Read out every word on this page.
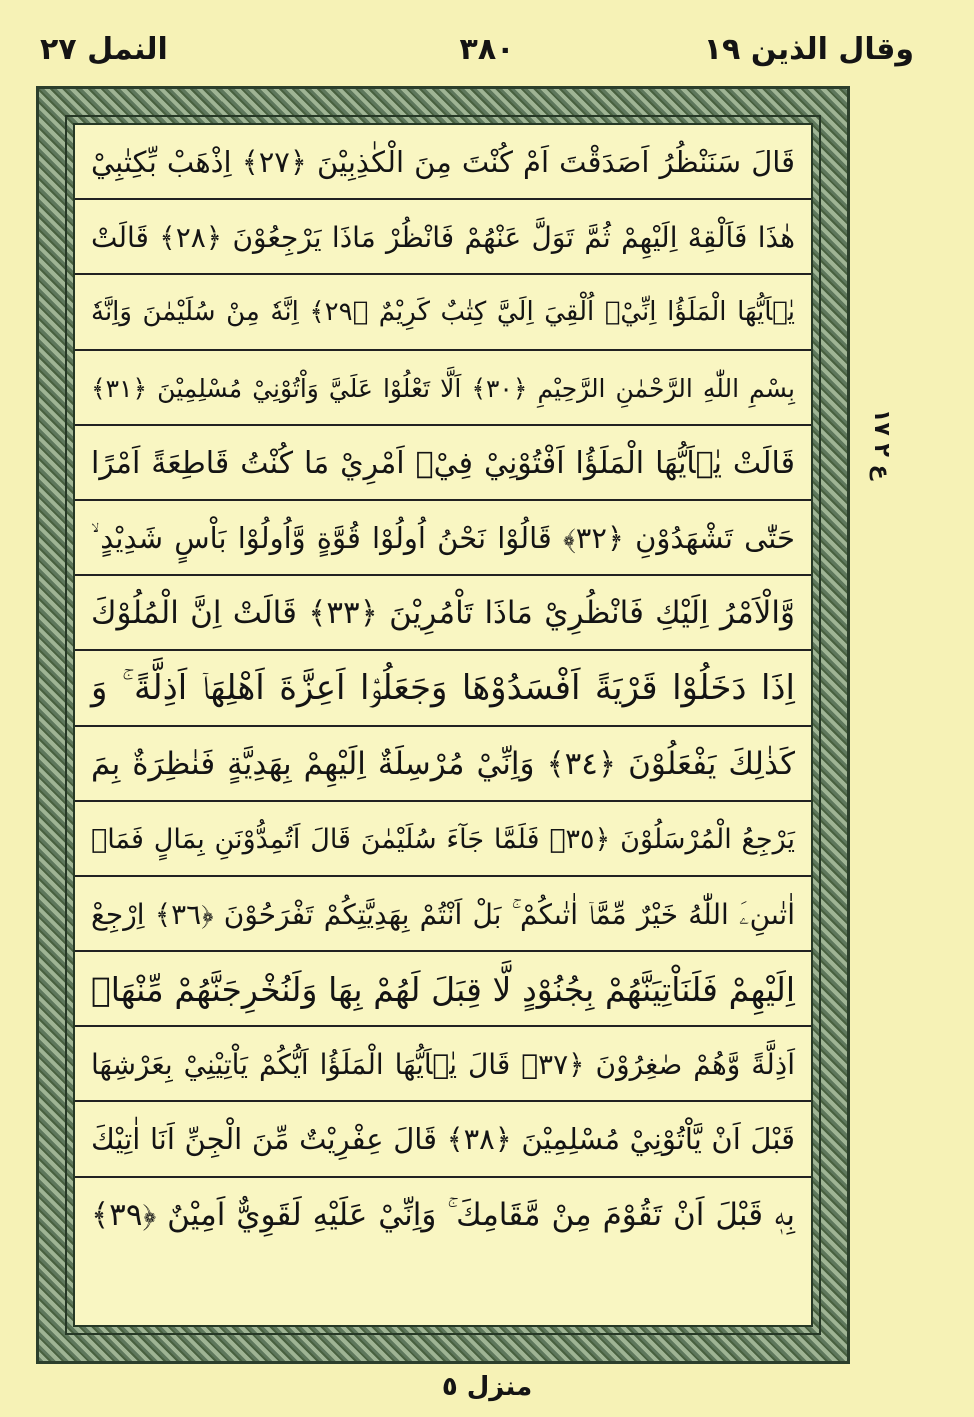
وقال الذين ١٩
٣٨٠
النمل ٢٧
قَالَ سَنَنْظُرُ اَصَدَقْتَ اَمْ كُنْتَ مِنَ الْكٰذِبِيْنَ ﴿٢٧﴾ اِذْهَبْ بِّكِتٰبِيْ
هٰذَا فَاَلْقِهْ اِلَيْهِمْ ثُمَّ تَوَلَّ عَنْهُمْ فَانْظُرْ مَاذَا يَرْجِعُوْنَ ﴿٢٨﴾ قَالَتْ
يٰۤاَيُّهَا الْمَلَؤُا اِنِّيْۤ اُلْقِيَ اِلَيَّ كِتٰبٌ كَرِيْمٌ ﴿٢٩﴾ اِنَّهٗ مِنْ سُلَيْمٰنَ وَاِنَّهٗ
بِسْمِ اللّٰهِ الرَّحْمٰنِ الرَّحِيْمِ ﴿٣٠﴾ اَلَّا تَعْلُوْا عَلَيَّ وَاْتُوْنِيْ مُسْلِمِيْنَ ﴿٣١﴾
قَالَتْ يٰۤاَيُّهَا الْمَلَؤُا اَفْتُوْنِيْ فِيْۤ اَمْرِيْ مَا كُنْتُ قَاطِعَةً اَمْرًا
حَتّٰى تَشْهَدُوْنِ ﴿٣٢﴾ قَالُوْا نَحْنُ اُولُوْا قُوَّةٍ وَّاُولُوْا بَاْسٍ شَدِيْدٍ ۙ
وَّالْاَمْرُ اِلَيْكِ فَانْظُرِيْ مَاذَا تَاْمُرِيْنَ ﴿٣٣﴾ قَالَتْ اِنَّ الْمُلُوْكَ
اِذَا دَخَلُوْا قَرْيَةً اَفْسَدُوْهَا وَجَعَلُوْۤا اَعِزَّةَ اَهْلِهَاۤ اَذِلَّةً ۚ وَ
كَذٰلِكَ يَفْعَلُوْنَ ﴿٣٤﴾ وَاِنِّيْ مُرْسِلَةٌ اِلَيْهِمْ بِهَدِيَّةٍ فَنٰظِرَةٌ بِمَ
يَرْجِعُ الْمُرْسَلُوْنَ ﴿٣٥﴾ فَلَمَّا جَآءَ سُلَيْمٰنَ قَالَ اَتُمِدُّوْنَنِ بِمَالٍ فَمَاۤ
اٰتٰىنِۦَ اللّٰهُ خَيْرٌ مِّمَّاۤ اٰتٰىكُمْ ۚ بَلْ اَنْتُمْ بِهَدِيَّتِكُمْ تَفْرَحُوْنَ ﴿٣٦﴾ اِرْجِعْ
اِلَيْهِمْ فَلَنَاْتِيَنَّهُمْ بِجُنُوْدٍ لَّا قِبَلَ لَهُمْ بِهَا وَلَنُخْرِجَنَّهُمْ مِّنْهَاۤ
اَذِلَّةً وَّهُمْ صٰغِرُوْنَ ﴿٣٧﴾ قَالَ يٰۤاَيُّهَا الْمَلَؤُا اَيُّكُمْ يَاْتِيْنِيْ بِعَرْشِهَا
قَبْلَ اَنْ يَّاْتُوْنِيْ مُسْلِمِيْنَ ﴿٣٨﴾ قَالَ عِفْرِيْتٌ مِّنَ الْجِنِّ اَنَا اٰتِيْكَ
بِهٖ قَبْلَ اَنْ تَقُوْمَ مِنْ مَّقَامِكَ ۚ وَاِنِّيْ عَلَيْهِ لَقَوِيٌّ اَمِيْنٌ ﴿٣٩﴾
ع ٢ ١٧
منزل ٥
